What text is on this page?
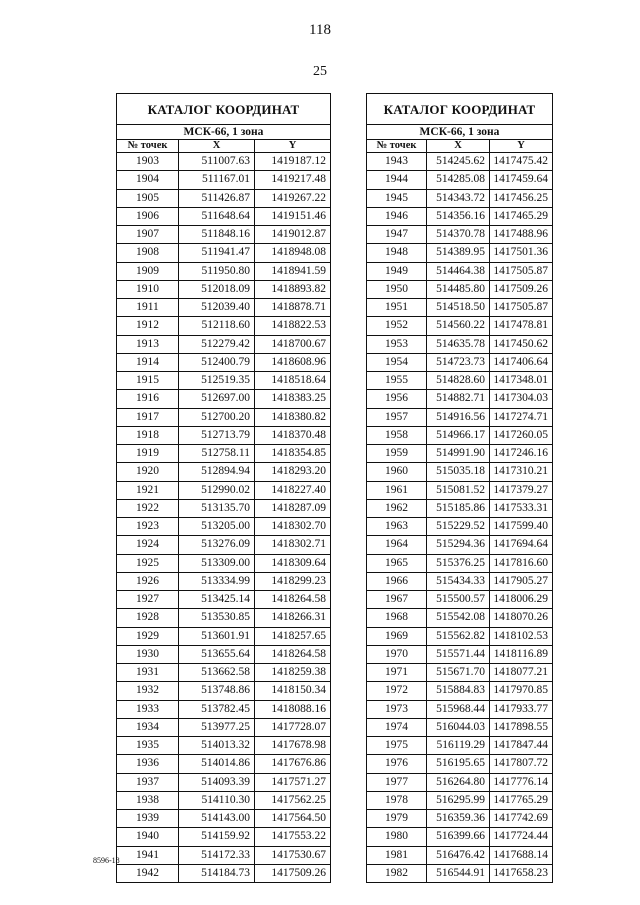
118
25
КАТАЛОГ КООРДИНАТ		
МСК-66, 1 зона		
№ точек	X	Y
1903	511007.63	1419187.12
1904	511167.01	1419217.48
1905	511426.87	1419267.22
1906	511648.64	1419151.46
1907	511848.16	1419012.87
1908	511941.47	1418948.08
1909	511950.80	1418941.59
1910	512018.09	1418893.82
1911	512039.40	1418878.71
1912	512118.60	1418822.53
1913	512279.42	1418700.67
1914	512400.79	1418608.96
1915	512519.35	1418518.64
1916	512697.00	1418383.25
1917	512700.20	1418380.82
1918	512713.79	1418370.48
1919	512758.11	1418354.85
1920	512894.94	1418293.20
1921	512990.02	1418227.40
1922	513135.70	1418287.09
1923	513205.00	1418302.70
1924	513276.09	1418302.71
1925	513309.00	1418309.64
1926	513334.99	1418299.23
1927	513425.14	1418264.58
1928	513530.85	1418266.31
1929	513601.91	1418257.65
1930	513655.64	1418264.58
1931	513662.58	1418259.38
1932	513748.86	1418150.34
1933	513782.45	1418088.16
1934	513977.25	1417728.07
1935	514013.32	1417678.98
1936	514014.86	1417676.86
1937	514093.39	1417571.27
1938	514110.30	1417562.25
1939	514143.00	1417564.50
1940	514159.92	1417553.22
1941	514172.33	1417530.67
1942	514184.73	1417509.26
КАТАЛОГ КООРДИНАТ		
МСК-66, 1 зона		
№ точек	X	Y
1943	514245.62	1417475.42
1944	514285.08	1417459.64
1945	514343.72	1417456.25
1946	514356.16	1417465.29
1947	514370.78	1417488.96
1948	514389.95	1417501.36
1949	514464.38	1417505.87
1950	514485.80	1417509.26
1951	514518.50	1417505.87
1952	514560.22	1417478.81
1953	514635.78	1417450.62
1954	514723.73	1417406.64
1955	514828.60	1417348.01
1956	514882.71	1417304.03
1957	514916.56	1417274.71
1958	514966.17	1417260.05
1959	514991.90	1417246.16
1960	515035.18	1417310.21
1961	515081.52	1417379.27
1962	515185.86	1417533.31
1963	515229.52	1417599.40
1964	515294.36	1417694.64
1965	515376.25	1417816.60
1966	515434.33	1417905.27
1967	515500.57	1418006.29
1968	515542.08	1418070.26
1969	515562.82	1418102.53
1970	515571.44	1418116.89
1971	515671.70	1418077.21
1972	515884.83	1417970.85
1973	515968.44	1417933.77
1974	516044.03	1417898.55
1975	516119.29	1417847.44
1976	516195.65	1417807.72
1977	516264.80	1417776.14
1978	516295.99	1417765.29
1979	516359.36	1417742.69
1980	516399.66	1417724.44
1981	516476.42	1417688.14
1982	516544.91	1417658.23
8596-18
